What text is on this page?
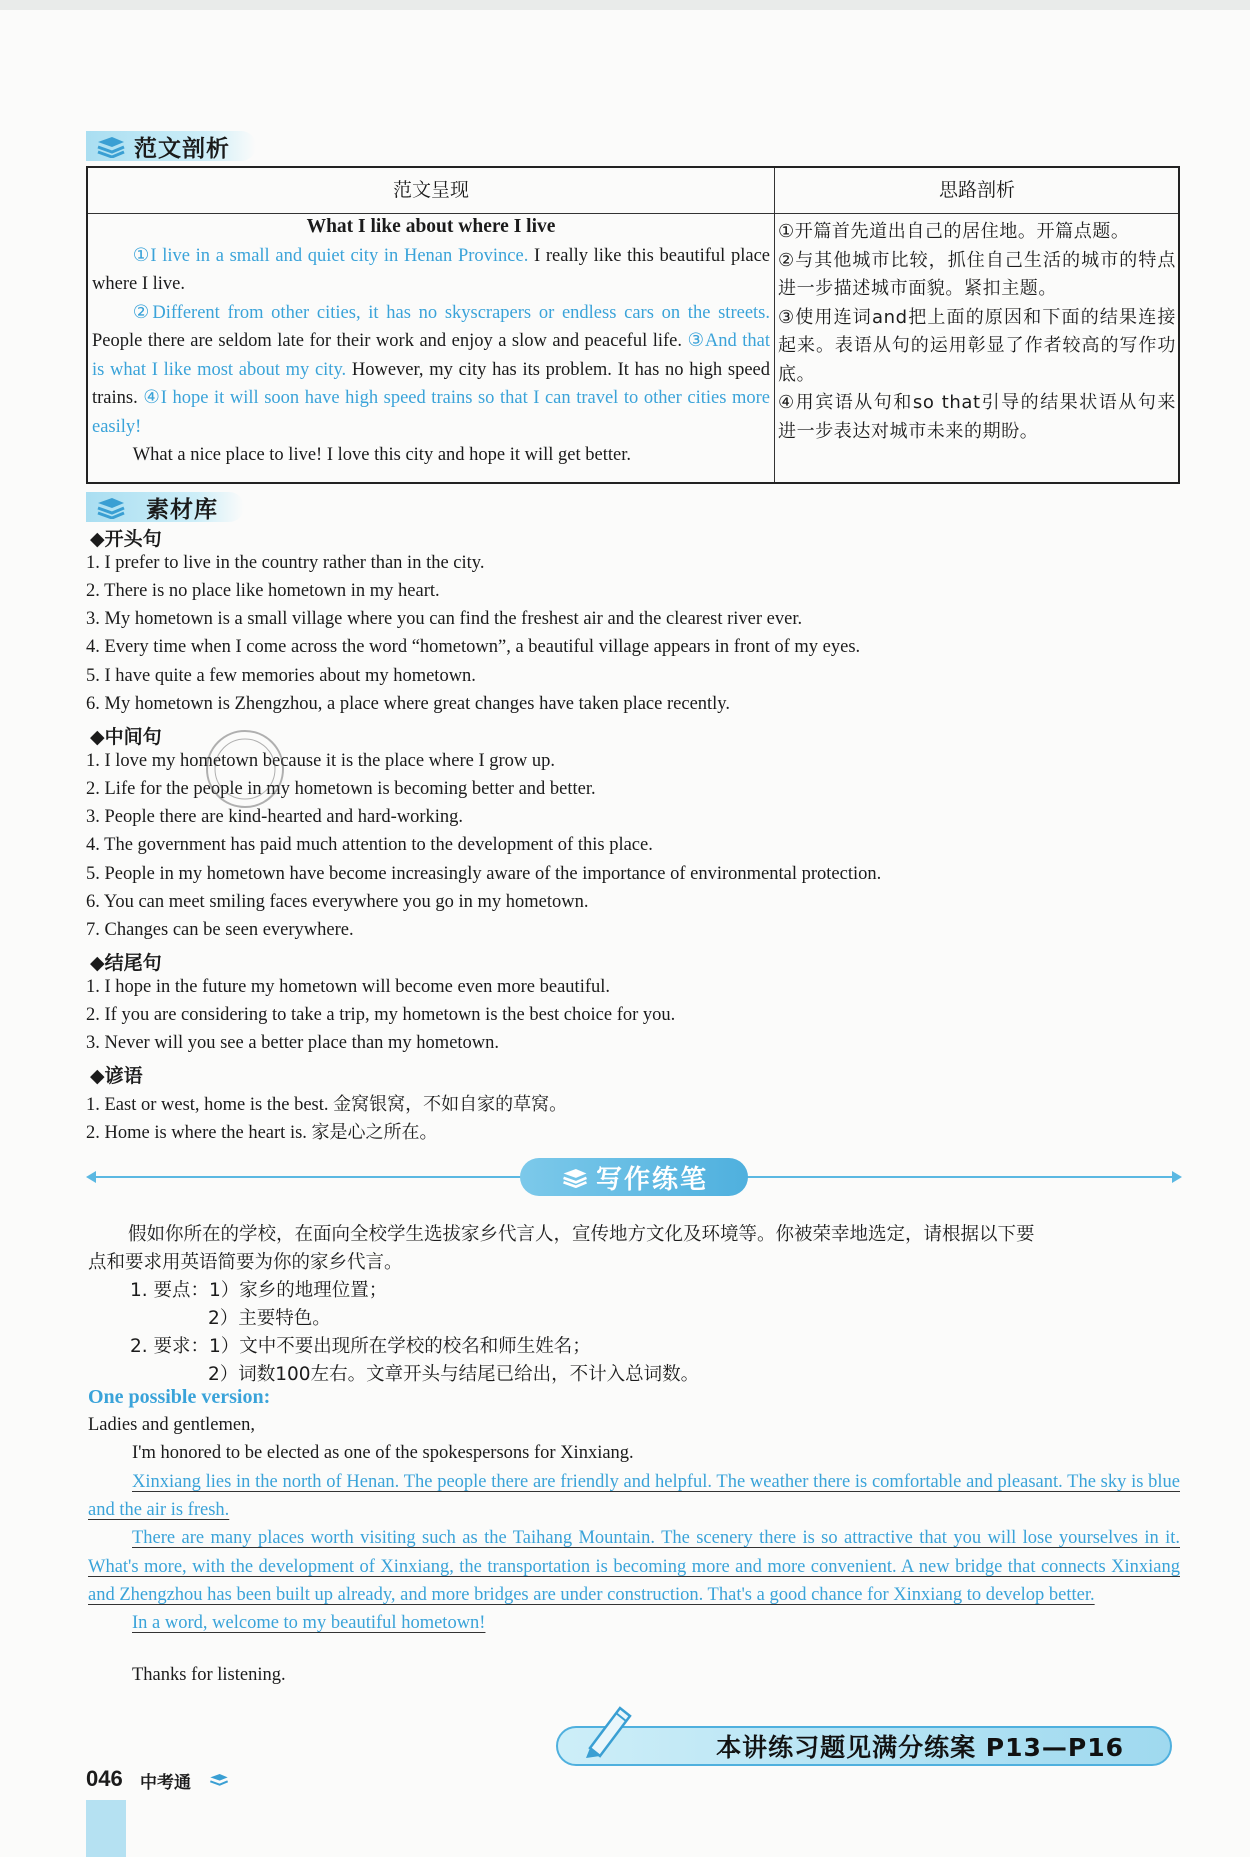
范文剖析
范文呈现	思路剖析
What I like about where I live

①I live in a small and quiet city in Henan Province. I really like this beautiful place where I live.

②Different from other cities, it has no skyscrapers or endless cars on the streets. People there are seldom late for their work and enjoy a slow and peaceful life. ③And that is what I like most about my city. However, my city has its problem. It has no high speed trains. ④I hope it will soon have high speed trains so that I can travel to other cities more easily!

What a nice place to live! I love this city and hope it will get better.

①开篇首先道出自己的居住地。开篇点题。

②与其他城市比较，抓住自己生活的城市的特点进一步描述城市面貌。紧扣主题。

③使用连词and把上面的原因和下面的结果连接起来。表语从句的运用彰显了作者较高的写作功底。

④用宾语从句和so that引导的结果状语从句来进一步表达对城市未来的期盼。

素材库
◆开头句
1. I prefer to live in the country rather than in the city.
2. There is no place like hometown in my heart.
3. My hometown is a small village where you can find the freshest air and the clearest river ever.
4. Every time when I come across the word “hometown”, a beautiful village appears in front of my eyes.
5. I have quite a few memories about my hometown.
6. My hometown is Zhengzhou, a place where great changes have taken place recently.
◆中间句
1. I love my hometown because it is the place where I grow up.
2. Life for the people in my hometown is becoming better and better.
3. People there are kind-hearted and hard-working.
4. The government has paid much attention to the development of this place.
5. People in my hometown have become increasingly aware of the importance of environmental protection.
6. You can meet smiling faces everywhere you go in my hometown.
7. Changes can be seen everywhere.
◆结尾句
1. I hope in the future my hometown will become even more beautiful.
2. If you are considering to take a trip, my hometown is the best choice for you.
3. Never will you see a better place than my hometown.
◆谚语
1. East or west, home is the best. 金窝银窝，不如自家的草窝。
2. Home is where the heart is. 家是心之所在。
写作练笔
假如你所在的学校，在面向全校学生选拔家乡代言人，宣传地方文化及环境等。你被荣幸地选定，请根据以下要
点和要求用英语简要为你的家乡代言。
1. 要点：1）家乡的地理位置；
2）主要特色。
2. 要求：1）文中不要出现所在学校的校名和师生姓名；
2）词数100左右。文章开头与结尾已给出，不计入总词数。
One possible version:
Ladies and gentlemen,
I'm honored to be elected as one of the spokespersons for Xinxiang.

Xinxiang lies in the north of Henan. The people there are friendly and helpful. The weather there is comfortable and pleasant. The sky is blue and the air is fresh.

There are many places worth visiting such as the Taihang Mountain. The scenery there is so attractive that you will lose yourselves in it. What's more, with the development of Xinxiang, the transportation is becoming more and more convenient. A new bridge that connects Xinxiang and Zhengzhou has been built up already, and more bridges are under construction. That's a good chance for Xinxiang to develop better.

In a word, welcome to my beautiful hometown!

Thanks for listening.
本讲练习题见满分练案 P13—P16
046 中考通
